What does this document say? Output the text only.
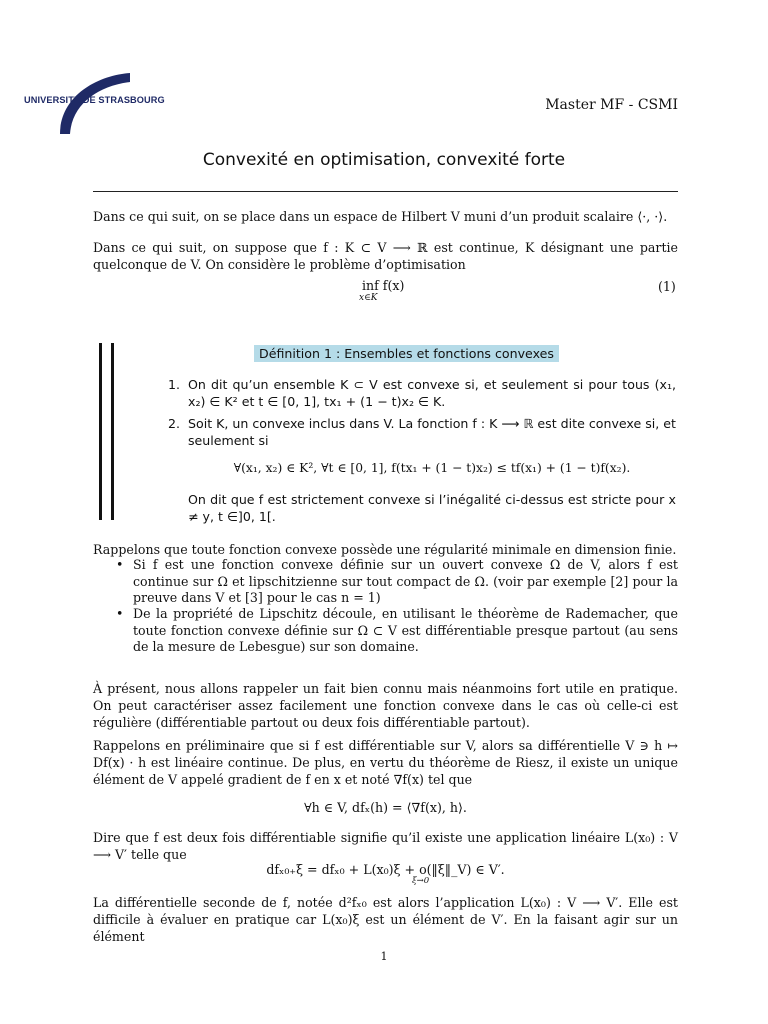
UNIVERSITÉ DE STRASBOURG	Master MF - CSMI
Convexité en optimisation, convexité forte
Dans ce qui suit, on se place dans un espace de Hilbert V muni d’un produit scalaire ⟨·, ·⟩.
Dans ce qui suit, on suppose que f : K ⊂ V ⟶ ℝ est continue, K désignant une partie quelconque de V. On considère le problème d’optimisation
inf f(x)
x∈K
(1)
Définition 1 : Ensembles et fonctions convexes
1. On dit qu’un ensemble K ⊂ V est convexe si, et seulement si pour tous (x₁, x₂) ∈ K² et t ∈ [0, 1], tx₁ + (1 − t)x₂ ∈ K.
2. Soit K, un convexe inclus dans V. La fonction f : K ⟶ ℝ est dite convexe si, et seulement si
∀(x₁, x₂) ∈ K², ∀t ∈ [0, 1], f(tx₁ + (1 − t)x₂) ≤ tf(x₁) + (1 − t)f(x₂).
On dit que f est strictement convexe si l’inégalité ci-dessus est stricte pour x ≠ y, t ∈]0, 1[.
Rappelons que toute fonction convexe possède une régularité minimale en dimension finie.
• Si f est une fonction convexe définie sur un ouvert convexe Ω de V, alors f est continue sur Ω et lipschitzienne sur tout compact de Ω. (voir par exemple [2] pour la preuve dans V et [3] pour le cas n = 1)
• De la propriété de Lipschitz découle, en utilisant le théorème de Rademacher, que toute fonction convexe définie sur Ω ⊂ V est différentiable presque partout (au sens de la mesure de Lebesgue) sur son domaine.
À présent, nous allons rappeler un fait bien connu mais néanmoins fort utile en pratique. On peut caractériser assez facilement une fonction convexe dans le cas où celle-ci est régulière (différentiable partout ou deux fois différentiable partout).
Rappelons en préliminaire que si f est différentiable sur V, alors sa différentielle V ∋ h ↦ Df(x) · h est linéaire continue. De plus, en vertu du théorème de Riesz, il existe un unique élément de V appelé gradient de f en x et noté ∇f(x) tel que
∀h ∈ V, dfₓ(h) = ⟨∇f(x), h⟩.
Dire que f est deux fois différentiable signifie qu’il existe une application linéaire L(x₀) : V ⟶ V′ telle que
dfₓ₀₊ξ = dfₓ₀ + L(x₀)ξ + o(‖ξ‖_V) ∈ V′.
ξ→0
La différentielle seconde de f, notée d²fₓ₀ est alors l’application L(x₀) : V ⟶ V′. Elle est difficile à évaluer en pratique car L(x₀)ξ est un élément de V′. En la faisant agir sur un élément
1
